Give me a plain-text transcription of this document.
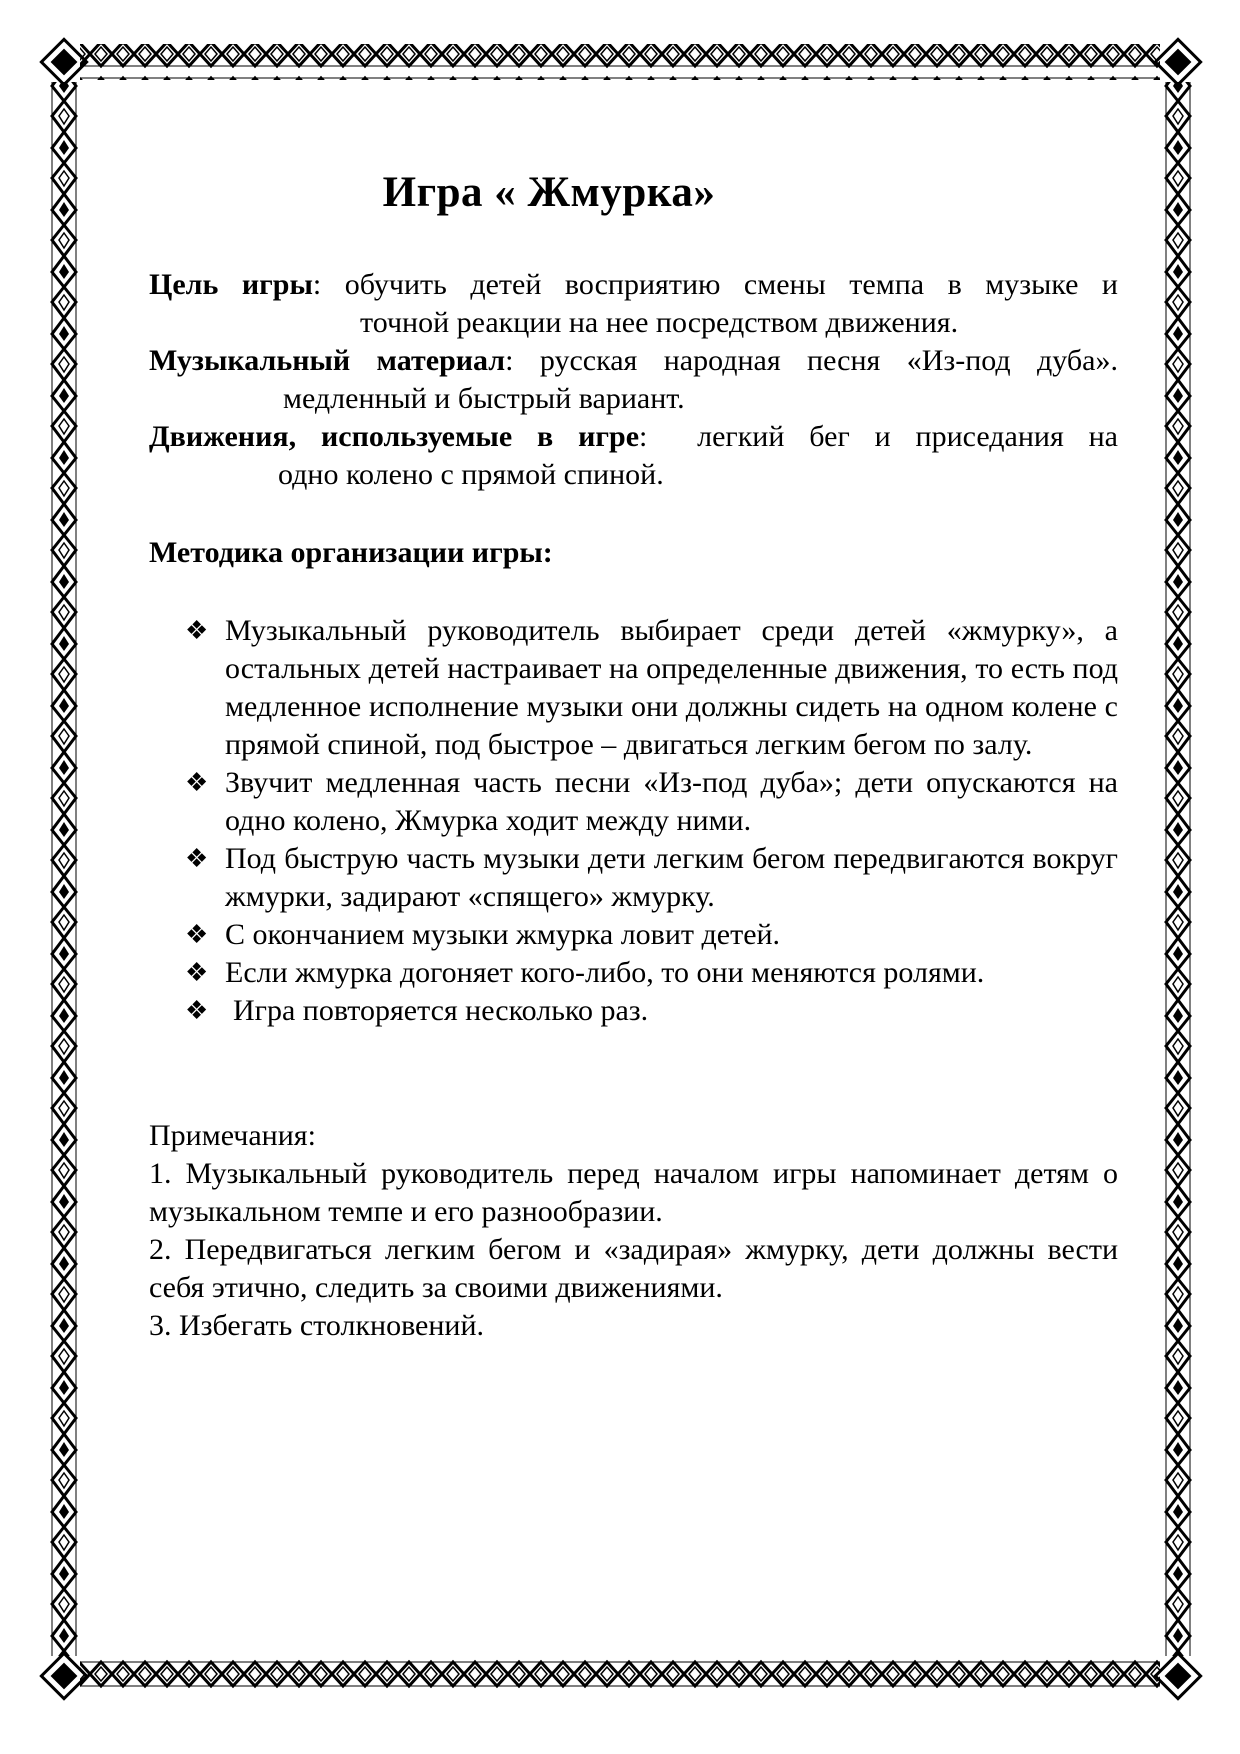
Игра « Жмурка»
Цель игры: обучить детей восприятию смены темпа в музыке и
точной реакции на нее посредством движения.
Музыкальный материал: русская народная песня «Из-под дуба».
медленный и быстрый вариант.
Движения, используемые в игре:  легкий бег и приседания на
одно колено с прямой спиной.
Методика организации игры:
❖ Музыкальный руководитель выбирает среди детей «жмурку», а остальных детей настраивает на определенные движения, то есть под медленное исполнение музыки они должны сидеть на одном колене с прямой спиной, под быстрое – двигаться легким бегом по залу.
❖ Звучит медленная часть песни «Из-под дуба»; дети опускаются на одно колено, Жмурка ходит между ними.
❖ Под быструю часть музыки дети легким бегом передвигаются вокруг жмурки, задирают «спящего» жмурку.
❖ С окончанием музыки жмурка ловит детей.
❖ Если жмурка догоняет кого-либо, то они меняются ролями.
❖ Игра повторяется несколько раз.

Примечания:

1. Музыкальный руководитель перед началом игры напоминает детям о музыкальном темпе и его разнообразии.

2. Передвигаться легким бегом и «задирая» жмурку, дети должны вести себя этично, следить за своими движениями.

3. Избегать столкновений.
